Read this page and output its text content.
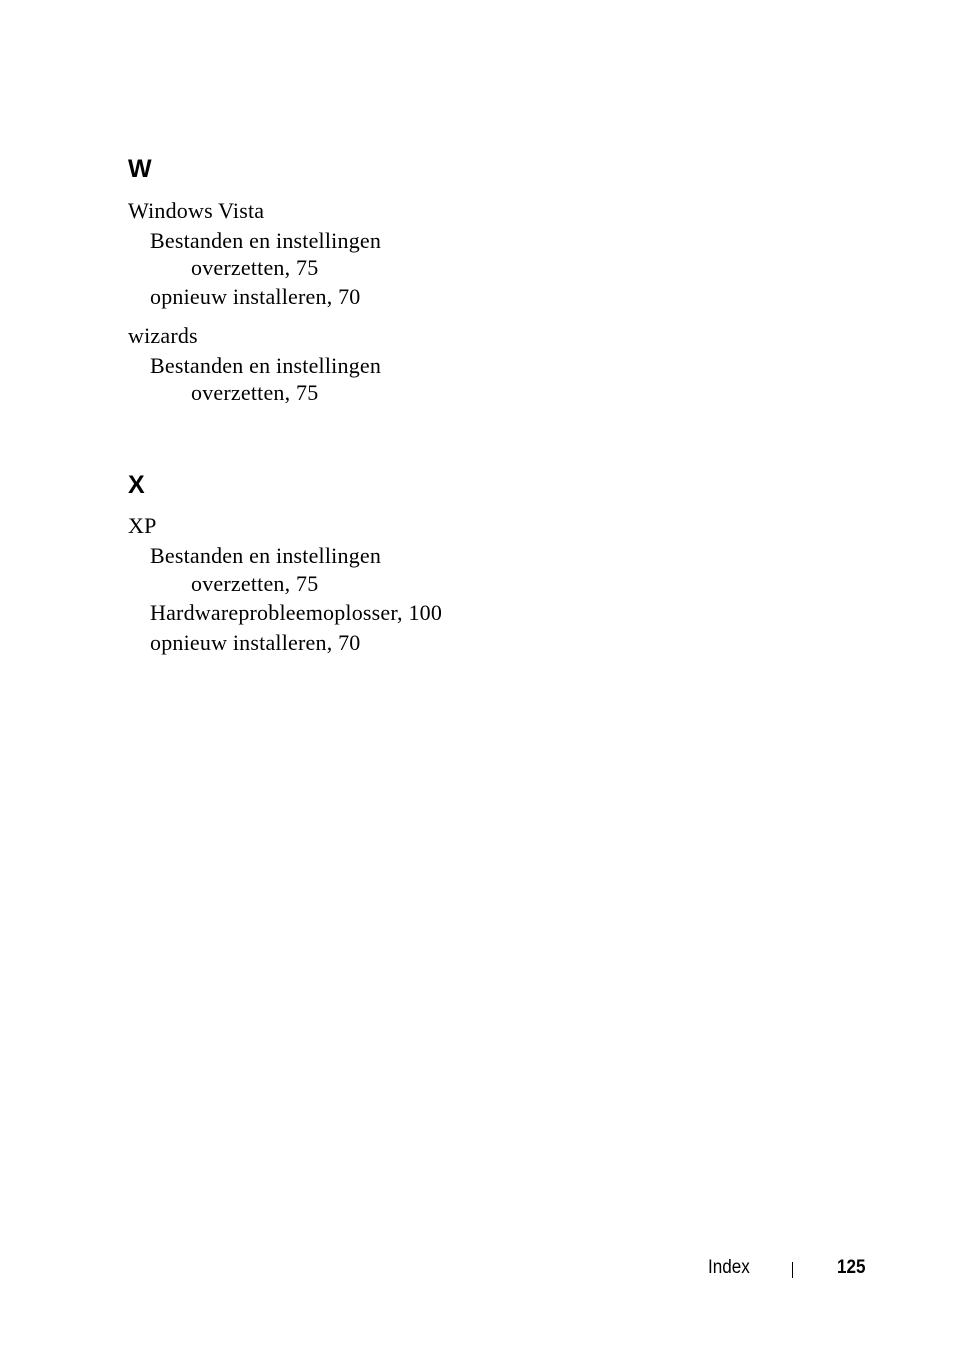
W
Windows Vista
Bestanden en instellingen
overzetten, 75
opnieuw installeren, 70
wizards
Bestanden en instellingen
overzetten, 75
X
XP
Bestanden en instellingen
overzetten, 75
Hardwareprobleemoplosser, 100
opnieuw installeren, 70
Index	125
